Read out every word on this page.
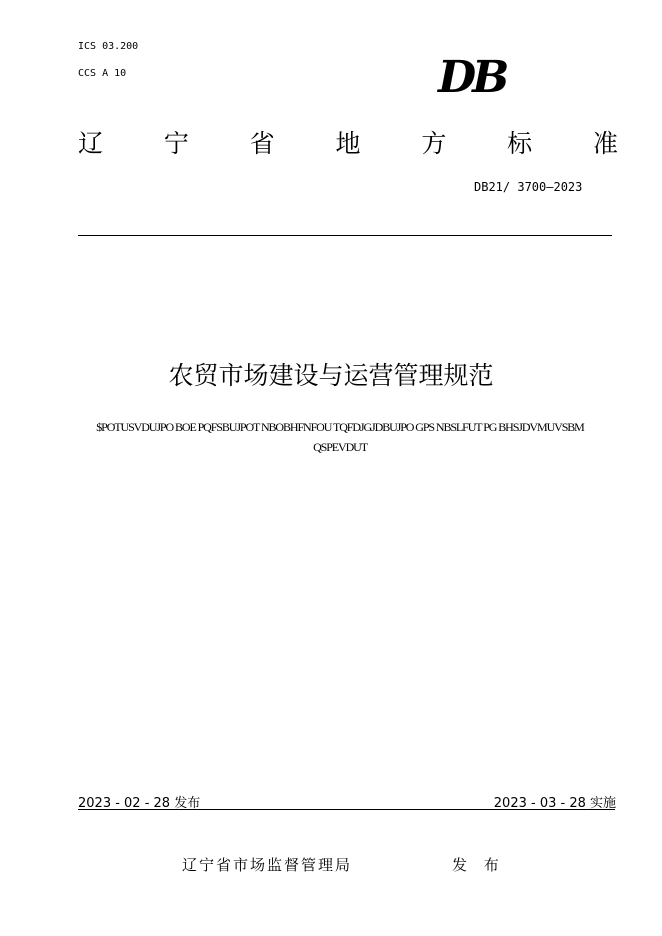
ICS 03.200
CCS A 10	DB
辽 宁 省 地 方 标 准
DB21/ 3700—2023
农贸市场建设与运营管理规范
$POTUSVDUJPO BOE PQFSBUJPOT NBOBHFNFOU TQFDJGJDBUJPO GPS NBSLFUT PG BHSJDVMUVSBM QSPEVDUT
2023 - 02 - 28 发布	2023 - 03 - 28 实施
辽宁省市场监督管理局	发 布
